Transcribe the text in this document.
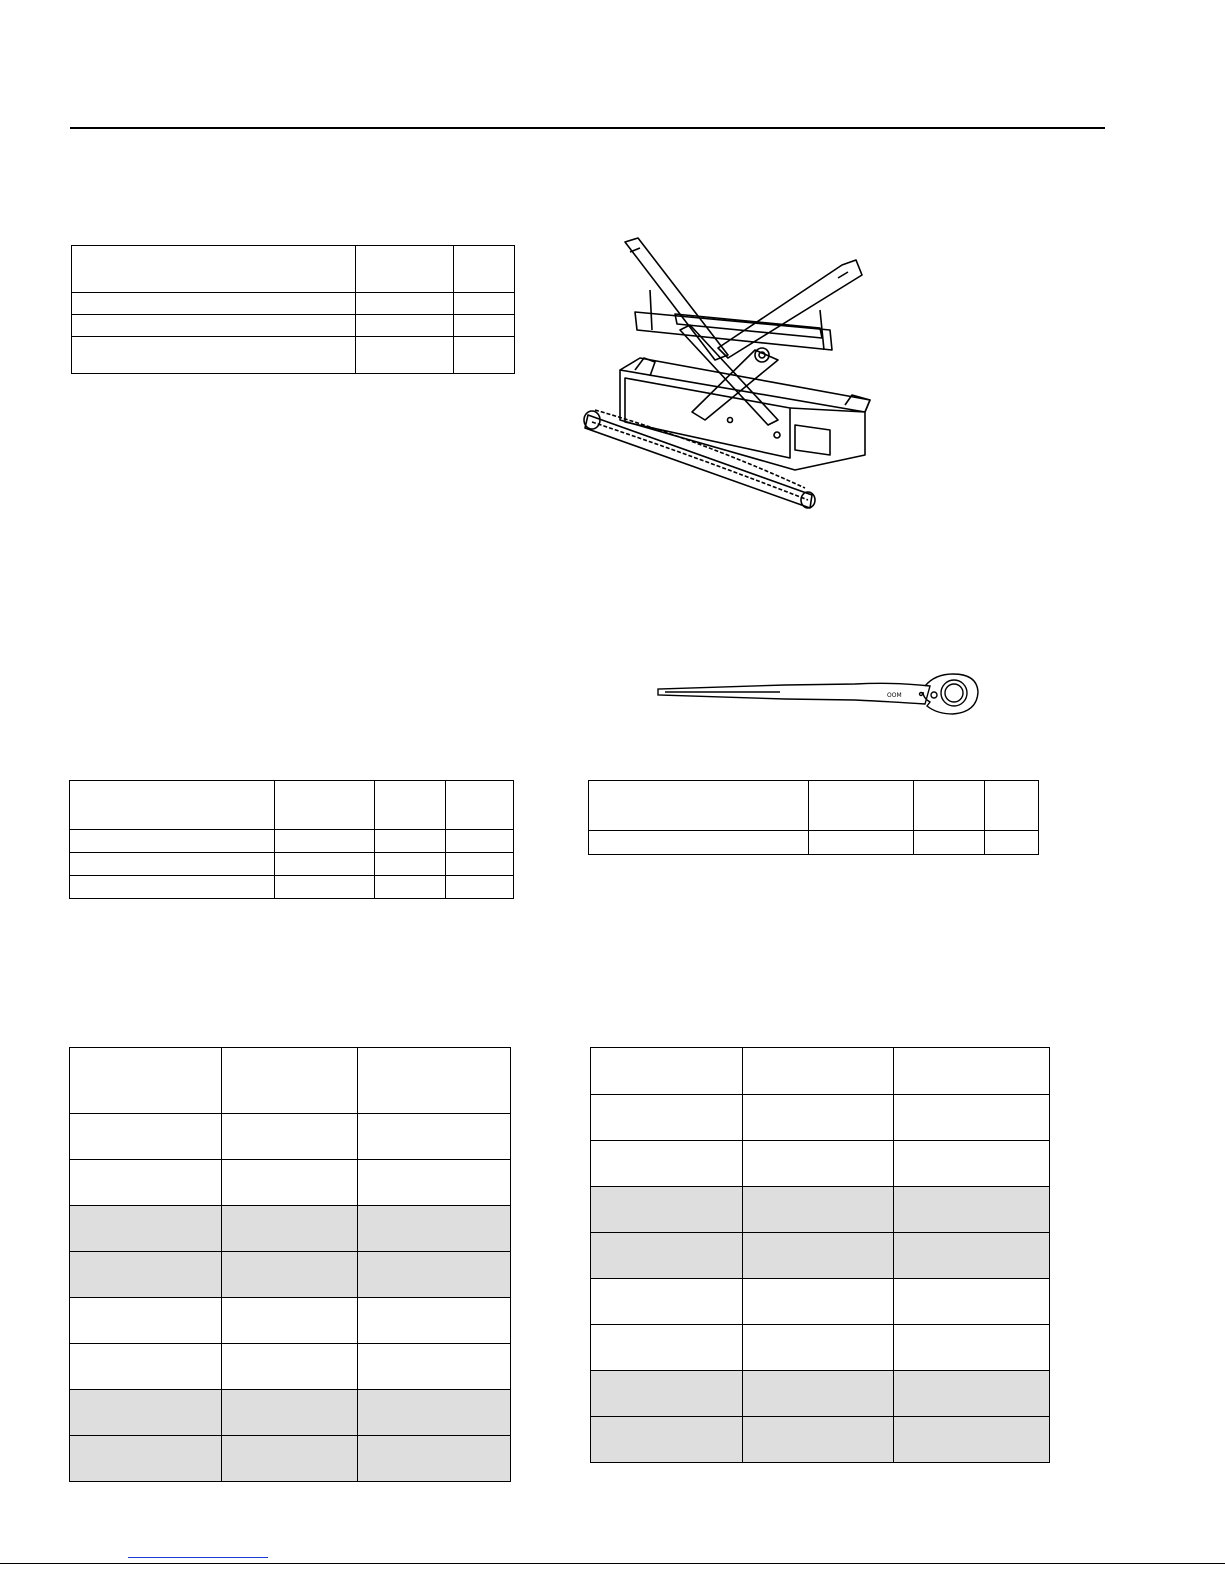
ООМ
